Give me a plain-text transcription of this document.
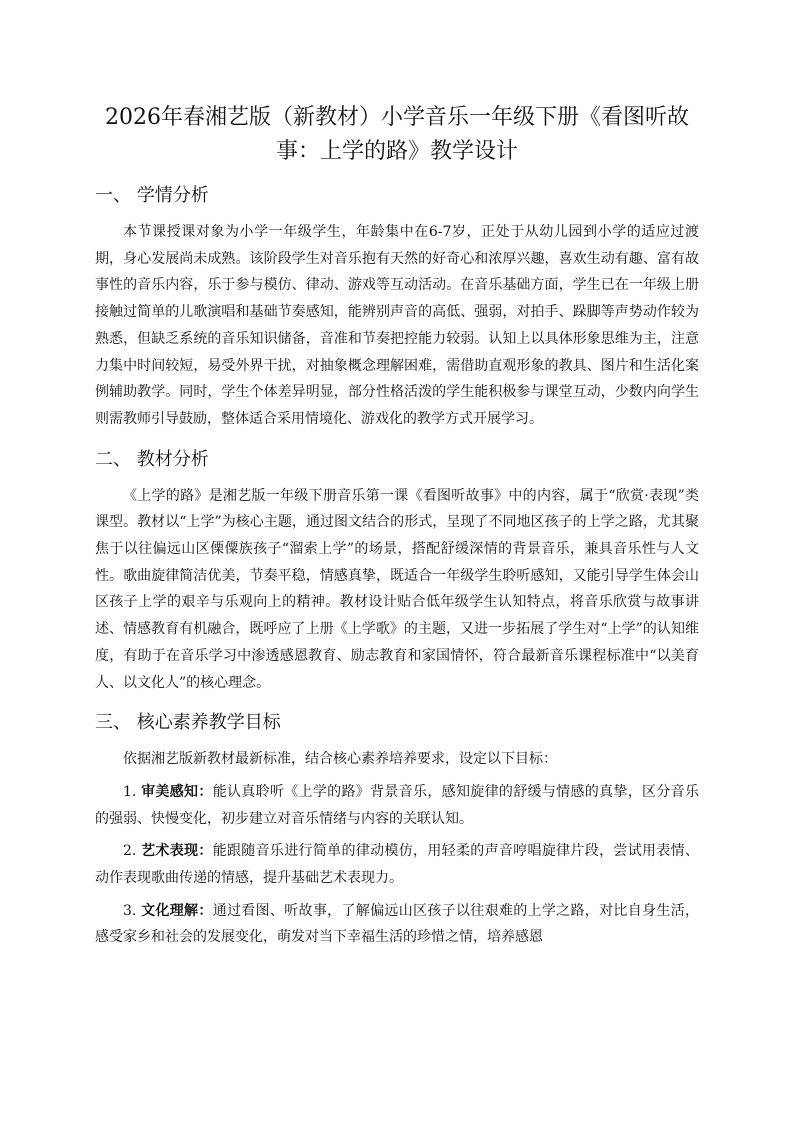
2026年春湘艺版（新教材）小学音乐一年级下册《看图听故事：上学的路》教学设计
一、 学情分析

本节课授课对象为小学一年级学生，年龄集中在6-7岁，正处于从幼儿园到小学的适应过渡期，身心发展尚未成熟。该阶段学生对音乐抱有天然的好奇心和浓厚兴趣，喜欢生动有趣、富有故事性的音乐内容，乐于参与模仿、律动、游戏等互动活动。在音乐基础方面，学生已在一年级上册接触过简单的儿歌演唱和基础节奏感知，能辨别声音的高低、强弱，对拍手、跺脚等声势动作较为熟悉，但缺乏系统的音乐知识储备，音准和节奏把控能力较弱。认知上以具体形象思维为主，注意力集中时间较短，易受外界干扰，对抽象概念理解困难，需借助直观形象的教具、图片和生活化案例辅助教学。同时，学生个体差异明显，部分性格活泼的学生能积极参与课堂互动，少数内向学生则需教师引导鼓励，整体适合采用情境化、游戏化的教学方式开展学习。

二、 教材分析

《上学的路》是湘艺版一年级下册音乐第一课《看图听故事》中的内容，属于“欣赏·表现”类课型。教材以“上学”为核心主题，通过图文结合的形式，呈现了不同地区孩子的上学之路，尤其聚焦于以往偏远山区傈僳族孩子“溜索上学”的场景，搭配舒缓深情的背景音乐，兼具音乐性与人文性。歌曲旋律简洁优美，节奏平稳，情感真挚，既适合一年级学生聆听感知，又能引导学生体会山区孩子上学的艰辛与乐观向上的精神。教材设计贴合低年级学生认知特点，将音乐欣赏与故事讲述、情感教育有机融合，既呼应了上册《上学歌》的主题，又进一步拓展了学生对“上学”的认知维度，有助于在音乐学习中渗透感恩教育、励志教育和家国情怀，符合最新音乐课程标准中“以美育人、以文化人”的核心理念。

三、 核心素养教学目标

依据湘艺版新教材最新标准，结合核心素养培养要求，设定以下目标：

1. 审美感知：能认真聆听《上学的路》背景音乐，感知旋律的舒缓与情感的真挚，区分音乐的强弱、快慢变化，初步建立对音乐情绪与内容的关联认知。

2. 艺术表现：能跟随音乐进行简单的律动模仿，用轻柔的声音哼唱旋律片段，尝试用表情、动作表现歌曲传递的情感，提升基础艺术表现力。

3. 文化理解：通过看图、听故事，了解偏远山区孩子以往艰难的上学之路，对比自身生活，感受家乡和社会的发展变化，萌发对当下幸福生活的珍惜之情，培养感恩
